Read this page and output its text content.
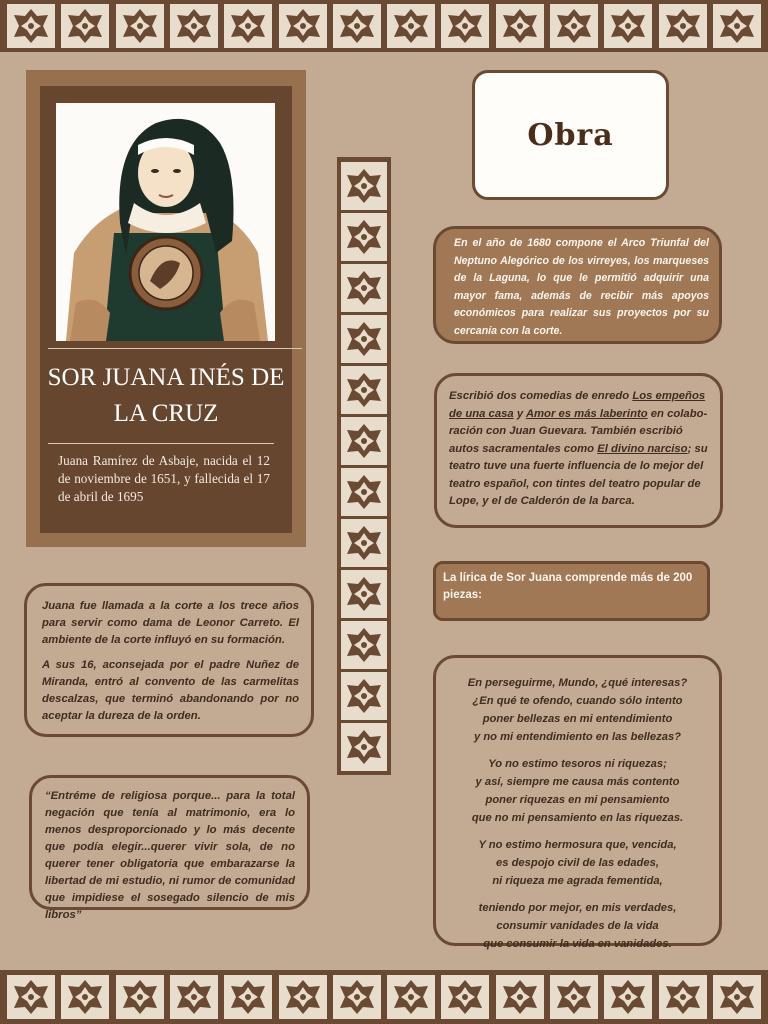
SOR JUANA INÉS DE LA CRUZ
Juana Ramírez de Asbaje, nacida el 12 de noviembre de 1651, y fallecida el 17 de abril de 1695

Juana fue llamada a la corte a los trece años para servir como dama de Leonor Carreto. El ambiente de la corte influyó en su formación.

A sus 16, aconsejada por el padre Nuñez de Miranda, entró al convento de las carmelitas descalzas, que terminó abandonando por no aceptar la dureza de la orden.

“Entréme de religiosa porque... para la total negación que tenía al matrimonio, era lo menos desproporcionado y lo más decente que podía elegir...querer vivir sola, de no querer tener obligatoria que embarazarse la libertad de mi estudio, ni rumor de comunidad que impidiese el sosegado silencio de mis libros”

Obra

En el año de 1680 compone el Arco Triunfal del Neptuno Alegórico de los virreyes, los marqueses de la Laguna, lo que le permitió adquirir una mayor fama, además de recibir más apoyos económicos para realizar sus proyectos por su cercanía con la corte.

Escribió dos comedias de enredo Los empeños de una casa y Amor es más laberinto en colabo-ración con Juan Guevara. También escribió autos sacramentales como El divino narciso; su teatro tuve una fuerte influencia de lo mejor del teatro español, con tintes del teatro popular de Lope, y el de Calderón de la barca.

La lírica de Sor Juana comprende más de 200 piezas:

En perseguirme, Mundo, ¿qué interesas?
¿En qué te ofendo, cuando sólo intento
poner bellezas en mi entendimiento
y no mi entendimiento en las bellezas?
Yo no estimo tesoros ni riquezas;
y así, siempre me causa más contento
poner riquezas en mi pensamiento
que no mi pensamiento en las riquezas.
Y no estimo hermosura que, vencida,
es despojo civil de las edades,
ni riqueza me agrada fementida,
teniendo por mejor, en mis verdades,
consumir vanidades de la vida
que consumir la vida en vanidades.
